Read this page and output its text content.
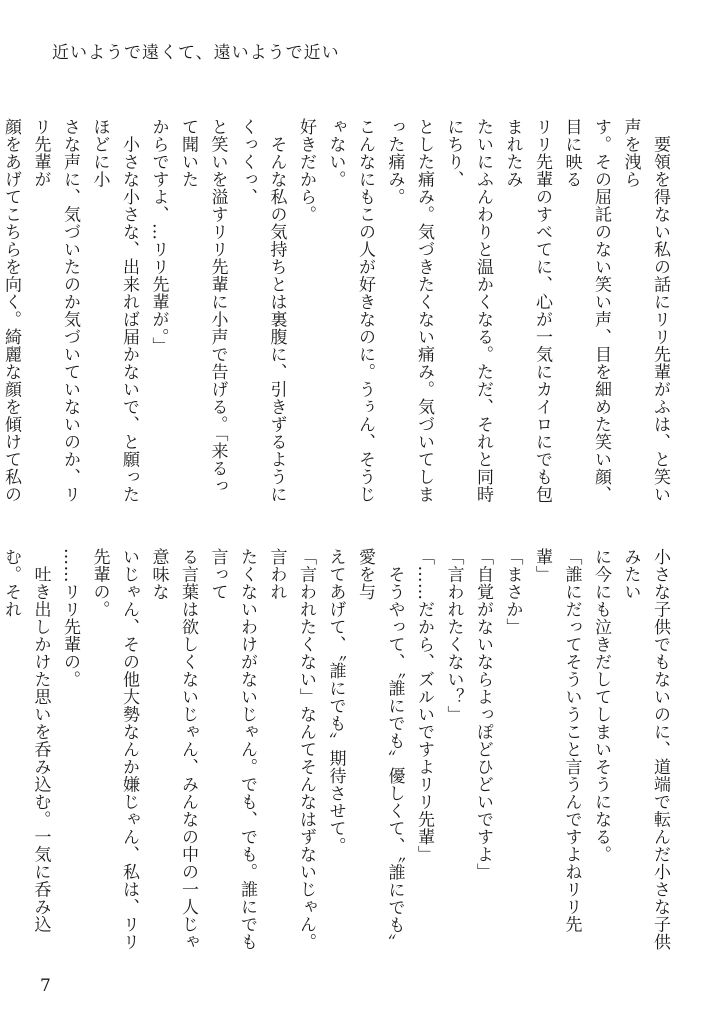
近いようで遠くて、遠いようで近い

　要領を得ない私の話にリリ先輩がふは、と笑い声を洩ら

す。その屈託のない笑い声、目を細めた笑い顔、目に映る

リリ先輩のすべてに、心が一気にカイロにでも包まれたみ

たいにふんわりと温かくなる。ただ、それと同時にちり、

とした痛み。気づきたくない痛み。気づいてしまった痛み。

こんなにもこの人が好きなのに。うぅん、そうじゃない。

好きだから。

　そんな私の気持ちとは裏腹に、引きずるようにくっくっ、

と笑いを溢すリリ先輩に小声で告げる。「来るって聞いた

からですよ、…リリ先輩が。」

　小さな小さな、出来れば届かないで、と願ったほどに小

さな声に、気づいたのか気づいていないのか、リリ先輩が

顔をあげてこちらを向く。綺麗な顔を傾けて私の

小さな子供でもないのに、道端で転んだ小さな子供みたい

に今にも泣きだしてしまいそうになる。

「誰にだってそういうこと言うんですよねリリ先輩」

「まさか」

「自覚がないならよっぽどひどいですよ」

「言われたくない？」

「……だから、ズルいですよリリ先輩」

　そうやって、〝誰にでも〟優しくて、〝誰にでも〟愛を与

えてあげて、〝誰にでも〟期待させて。

「言われたくない」なんてそんなはずないじゃん。言われ

たくないわけがないじゃん。でも、でも。誰にでも言って

る言葉は欲しくないじゃん、みんなの中の一人じゃ意味な

いじゃん、その他大勢なんか嫌じゃん、私は、リリ先輩の。

……リリ先輩の。

　吐き出しかけた思いを呑み込む。一気に呑み込む。それ

7
